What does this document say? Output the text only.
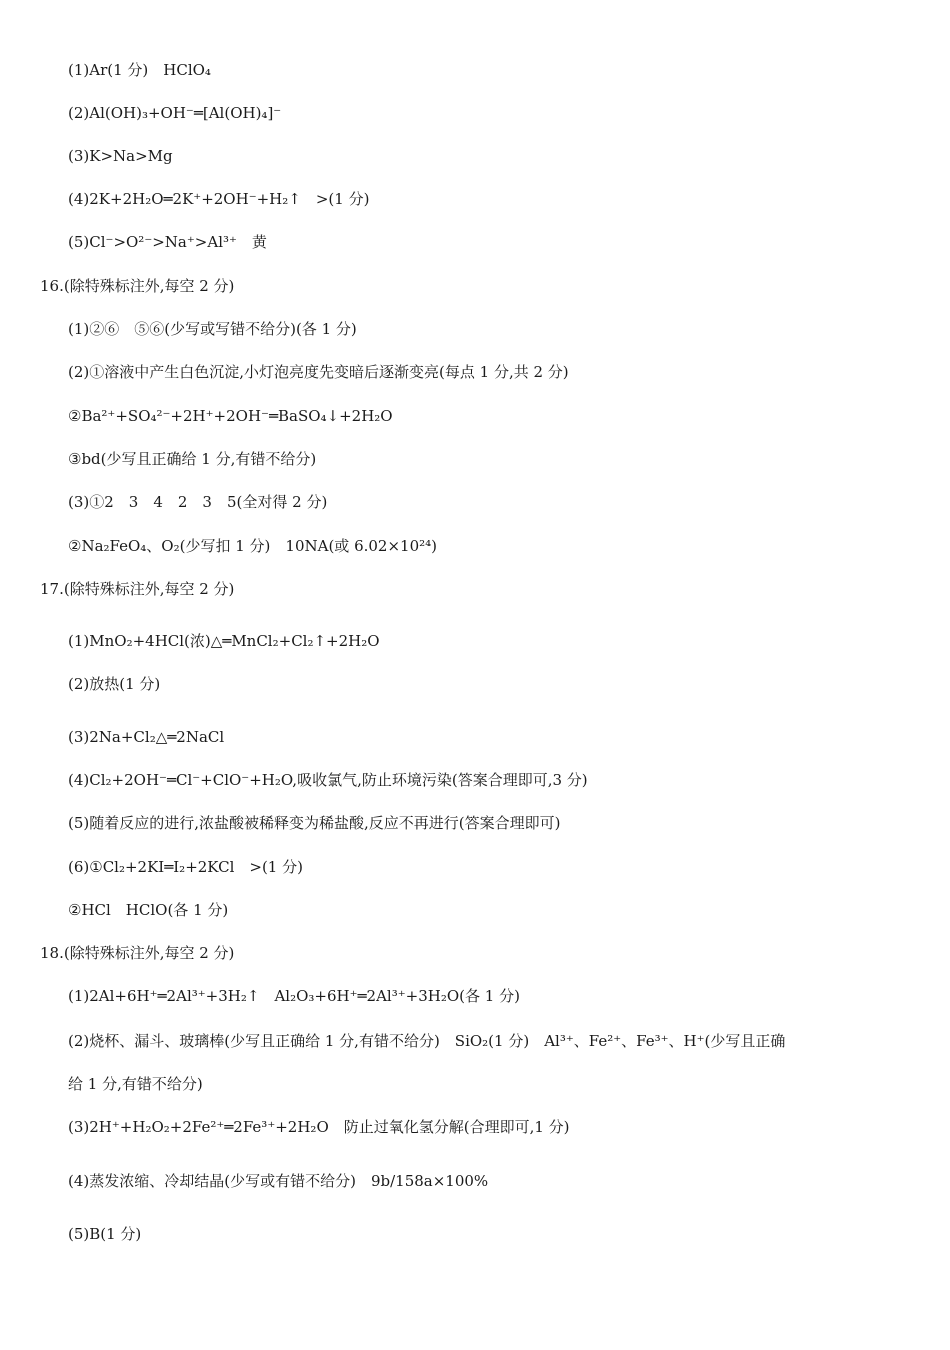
(1)Ar(1 分)　HClO₄
(2)Al(OH)₃+OH⁻═[Al(OH)₄]⁻
(3)K>Na>Mg
(4)2K+2H₂O═2K⁺+2OH⁻+H₂↑　>(1 分)
(5)Cl⁻>O²⁻>Na⁺>Al³⁺　黄
16.(除特殊标注外,每空 2 分)
(1)②⑥　⑤⑥(少写或写错不给分)(各 1 分)
(2)①溶液中产生白色沉淀,小灯泡亮度先变暗后逐渐变亮(每点 1 分,共 2 分)
②Ba²⁺+SO₄²⁻+2H⁺+2OH⁻═BaSO₄↓+2H₂O
③bd(少写且正确给 1 分,有错不给分)
(3)①2　3　4　2　3　5(全对得 2 分)
②Na₂FeO₄、O₂(少写扣 1 分)　10NA(或 6.02×10²⁴)
17.(除特殊标注外,每空 2 分)
(1)MnO₂+4HCl(浓)△═MnCl₂+Cl₂↑+2H₂O
(2)放热(1 分)
(3)2Na+Cl₂△═2NaCl
(4)Cl₂+2OH⁻═Cl⁻+ClO⁻+H₂O,吸收氯气,防止环境污染(答案合理即可,3 分)
(5)随着反应的进行,浓盐酸被稀释变为稀盐酸,反应不再进行(答案合理即可)
(6)①Cl₂+2KI═I₂+2KCl　>(1 分)
②HCl　HClO(各 1 分)
18.(除特殊标注外,每空 2 分)
(1)2Al+6H⁺═2Al³⁺+3H₂↑　Al₂O₃+6H⁺═2Al³⁺+3H₂O(各 1 分)
(2)烧杯、漏斗、玻璃棒(少写且正确给 1 分,有错不给分)　SiO₂(1 分)　Al³⁺、Fe²⁺、Fe³⁺、H⁺(少写且正确
给 1 分,有错不给分)
(3)2H⁺+H₂O₂+2Fe²⁺═2Fe³⁺+2H₂O　防止过氧化氢分解(合理即可,1 分)
(4)蒸发浓缩、冷却结晶(少写或有错不给分)　9b/158a×100%
(5)B(1 分)
